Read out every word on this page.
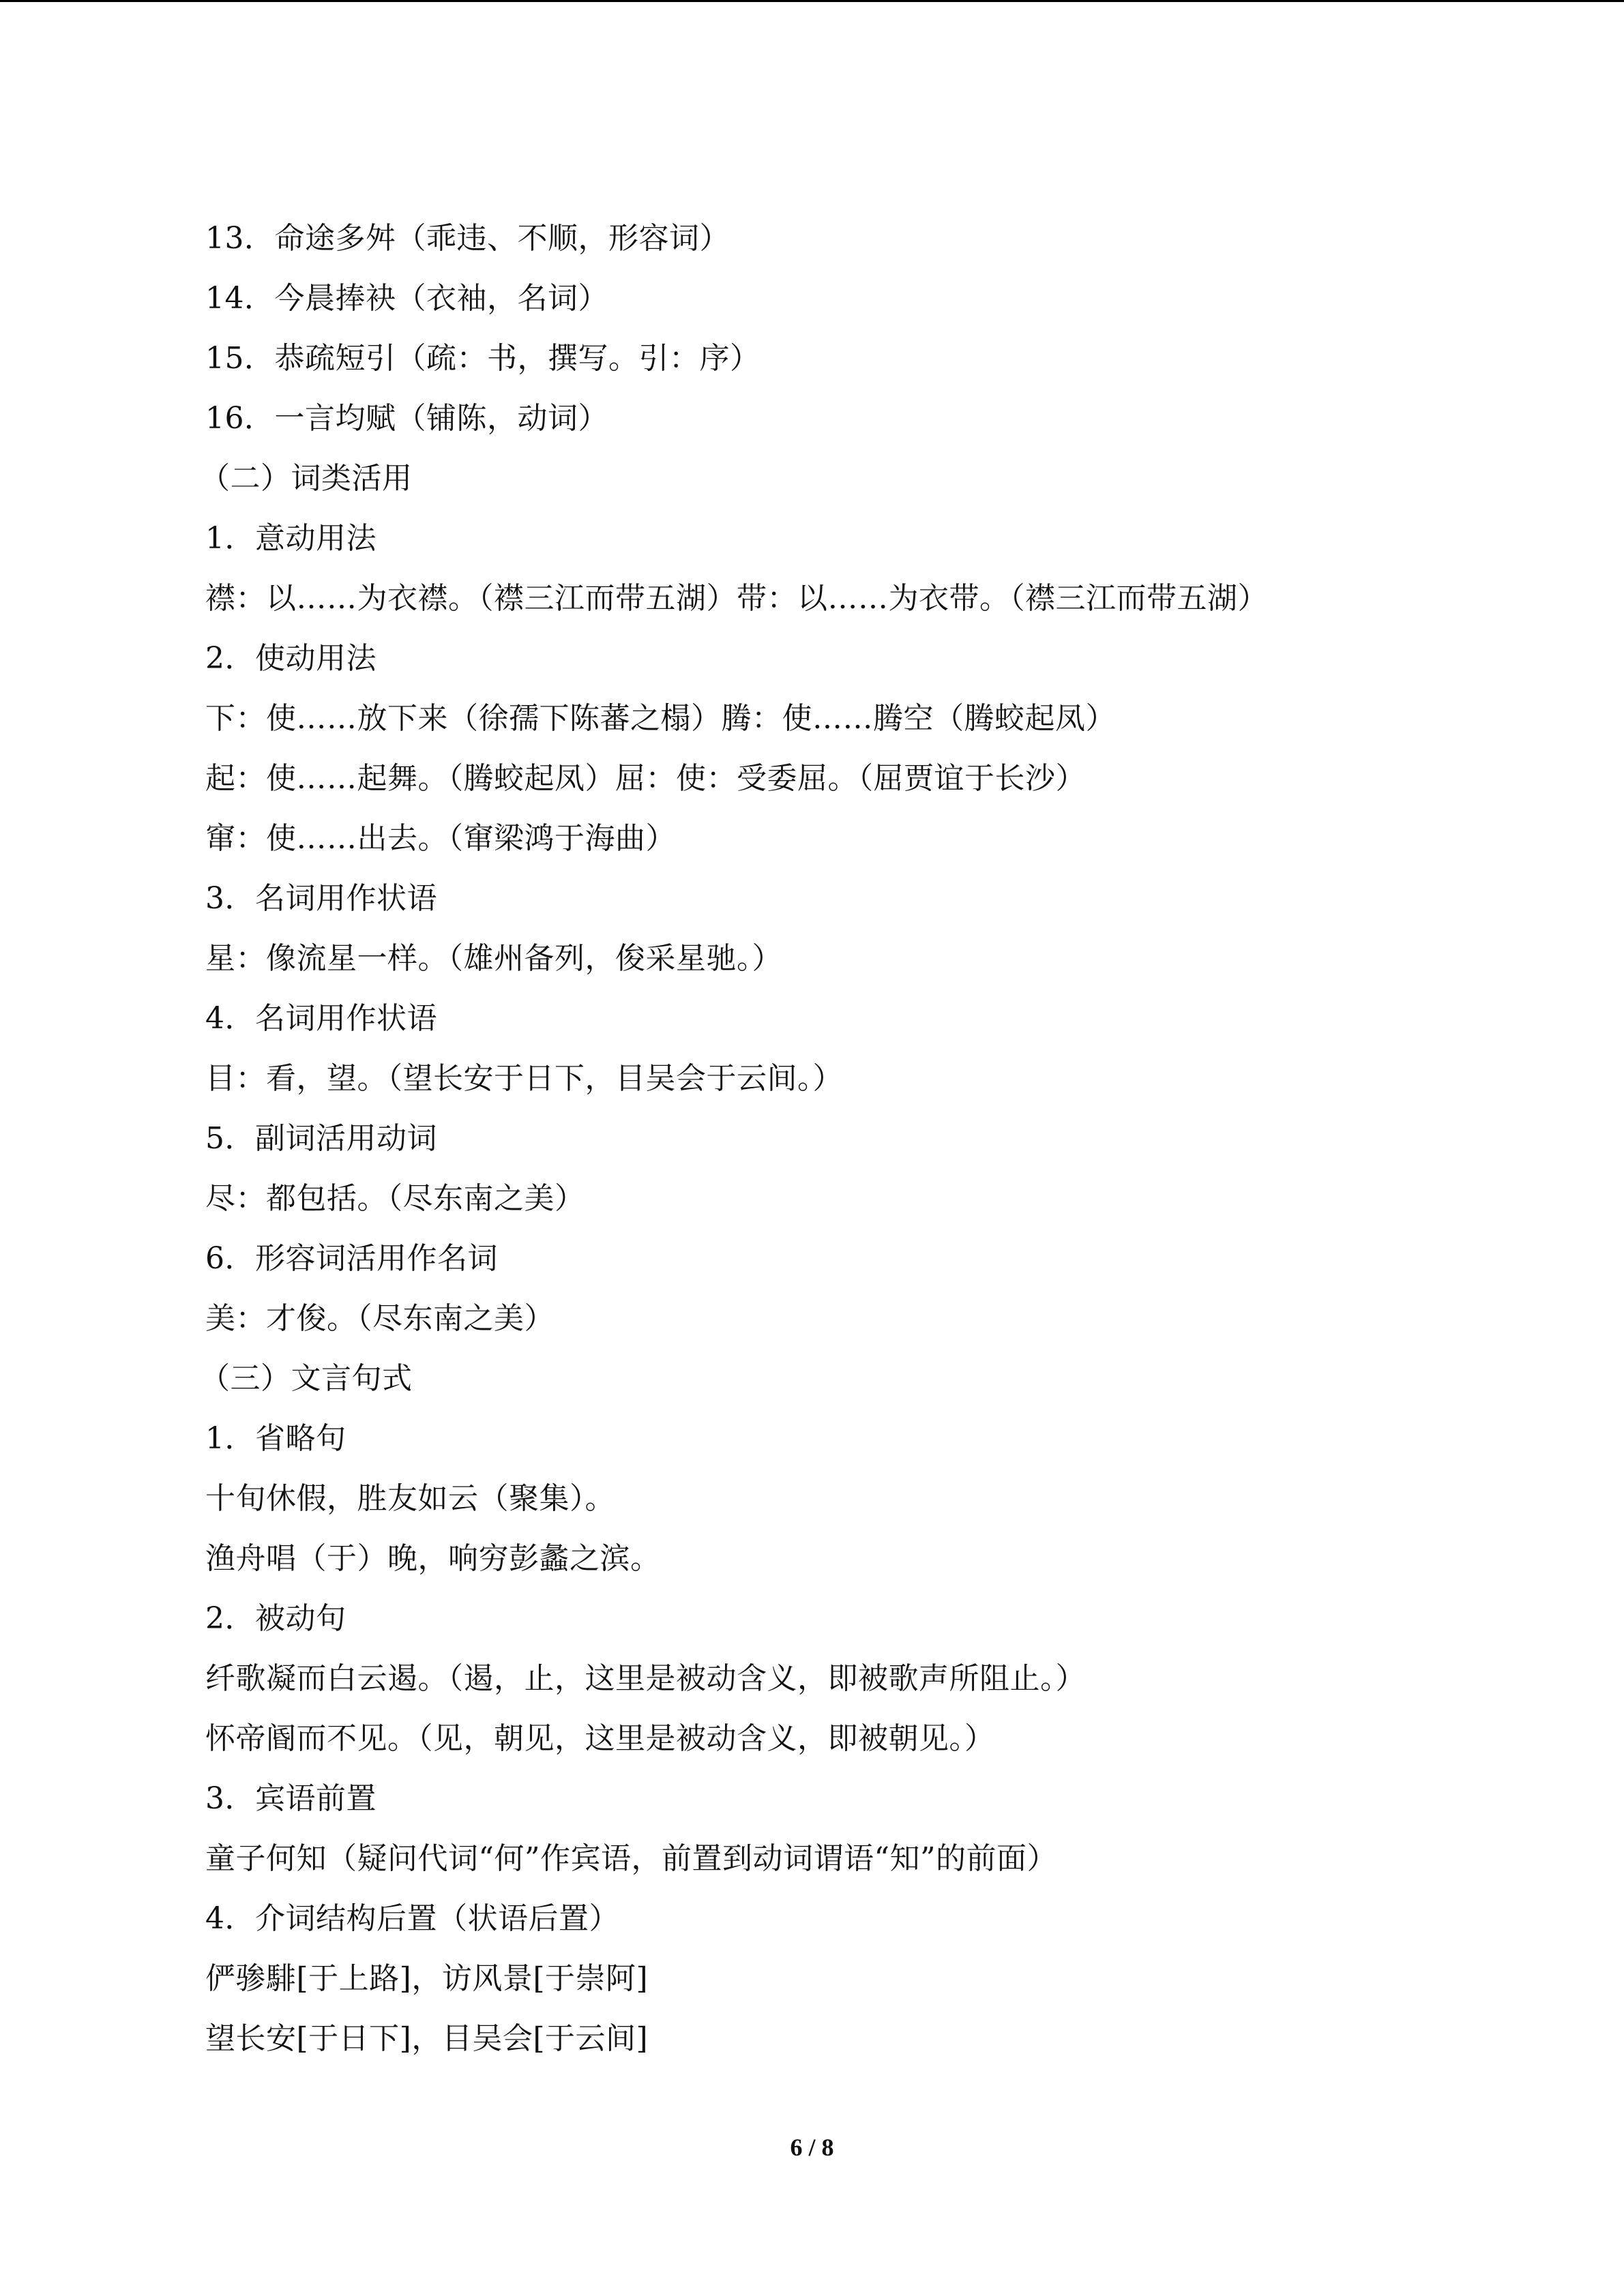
13．命途多舛（乖违、不顺，形容词）
14．今晨捧袂（衣袖，名词）
15．恭疏短引（疏：书，撰写。引：序）
16．一言均赋（铺陈，动词）
（二）词类活用
1．意动用法
襟：以……为衣襟。（襟三江而带五湖）带：以……为衣带。（襟三江而带五湖）
2．使动用法
下：使……放下来（徐孺下陈蕃之榻）腾：使……腾空（腾蛟起凤）
起：使……起舞。（腾蛟起凤）屈：使：受委屈。（屈贾谊于长沙）
窜：使……出去。（窜梁鸿于海曲）
3．名词用作状语
星：像流星一样。（雄州备列，俊采星驰。）
4．名词用作状语
目：看，望。（望长安于日下，目吴会于云间。）
5．副词活用动词
尽：都包括。（尽东南之美）
6．形容词活用作名词
美：才俊。（尽东南之美）
（三）文言句式
1．省略句
十旬休假，胜友如云（聚集）。
渔舟唱（于）晚，响穷彭蠡之滨。
2．被动句
纤歌凝而白云遏。（遏，止，这里是被动含义，即被歌声所阻止。）
怀帝阍而不见。（见，朝见，这里是被动含义，即被朝见。）
3．宾语前置
童子何知（疑问代词“何”作宾语，前置到动词谓语“知”的前面）
4．介词结构后置（状语后置）
俨骖騑[于上路]，访风景[于崇阿]
望长安[于日下]，目吴会[于云间]
6 / 8
